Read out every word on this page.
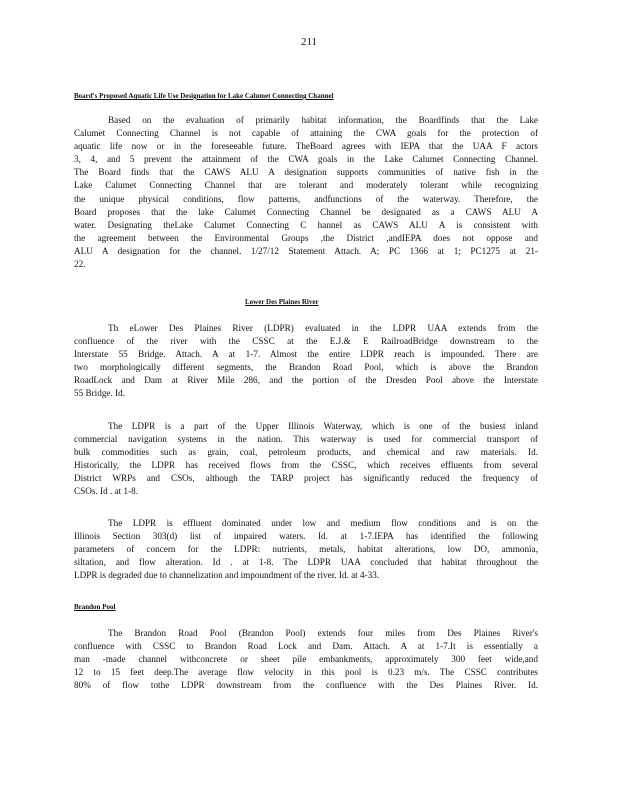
211
Board's Proposed Aquatic Life Use Designation for Lake Calumet Connecting Channel
Based on the evaluation of primarily habitat information, the Boardfinds that the Lake
Calumet Connecting Channel is not capable of attaining the CWA goals for the protection of
aquatic life now or in the foreseeable future. TheBoard agrees with IEPA that the UAA F actors
3, 4, and 5 prevent the attainment of the CWA goals in the Lake Calumet Connecting Channel.
The Board finds that the CAWS ALU A designation supports communities of native fish in the
Lake Calumet Connecting Channel that are tolerant and moderately tolerant while recognizing
the unique physical conditions, flow patterns, andfunctions of the waterway. Therefore, the
Board proposes that the lake Calumet Connecting Channel be designated as a CAWS ALU A
water. Designating theLake Calumet Connecting C hannel as CAWS ALU A is consistent with
the agreement between the Environmental Groups ,the District ,andIEPA does not oppose and
ALU A designation for the channel. 1/27/12 Statement Attach. A; PC 1366 at 1; PC1275 at 21-
22.
Lower Des Plaines River
Th eLower Des Plaines River (LDPR) evaluated in the LDPR UAA extends from the
confluence of the river with the CSSC at the E.J.& E RailroadBridge downstream to the
Interstate 55 Bridge. Attach. A at 1-7. Almost the entire LDPR reach is impounded. There are
two morphologically different segments, the Brandon Road Pool, which is above the Brandon
RoadLock and Dam at River Mile 286, and the portion of the Dresden Pool above the Interstate
55 Bridge. Id.
The LDPR is a part of the Upper Illinois Waterway, which is one of the busiest inland
commercial navigation systems in the nation. This waterway is used for commercial transport of
bulk commodities such as grain, coal, petroleum products, and chemical and raw materials. Id.
Historically, the LDPR has received flows from the CSSC, which receives effluents from several
District WRPs and CSOs, although the TARP project has significantly reduced the frequency of
CSOs. Id . at 1-8.
The LDPR is effluent dominated under low and medium flow conditions and is on the
Illinois Section 303(d) list of impaired waters. Id. at 1-7.IEPA has identified the following
parameters of concern for the LDPR: nutrients, metals, habitat alterations, low DO, ammonia,
siltation, and flow alteration. Id . at 1-8. The LDPR UAA concluded that habitat throughout the
LDPR is degraded due to channelization and impoundment of the river. Id. at 4-33.
Brandon Pool
The Brandon Road Pool (Brandon Pool) extends four miles from Des Plaines River's
confluence with CSSC to Brandon Road Lock and Dam. Attach. A at 1-7.It is essentially a
man -made channel withconcrete or sheet pile embankments, approximately 300 feet wide,and
12 to 15 feet deep.The average flow velocity in this pool is 0.23 m/s. The CSSC contributes
80% of flow tothe LDPR downstream from the confluence with the Des Plaines River. Id.
